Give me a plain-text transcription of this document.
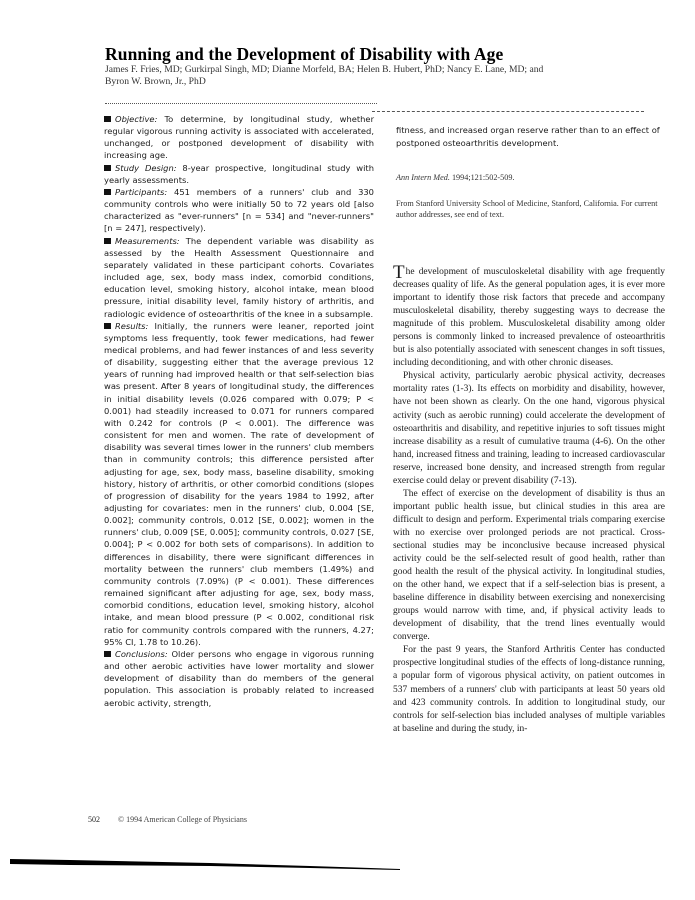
Running and the Development of Disability with Age
James F. Fries, MD; Gurkirpal Singh, MD; Dianne Morfeld, BA; Helen B. Hubert, PhD; Nancy E. Lane, MD; and Byron W. Brown, Jr., PhD

Objective: To determine, by longitudinal study, whether regular vigorous running activity is associated with accelerated, unchanged, or postponed development of disability with increasing age.

Study Design: 8-year prospective, longitudinal study with yearly assessments.

Participants: 451 members of a runners' club and 330 community controls who were initially 50 to 72 years old [also characterized as "ever-runners" [n = 534] and "never-runners" [n = 247], respectively).

Measurements: The dependent variable was disability as assessed by the Health Assessment Questionnaire and separately validated in these participant cohorts. Covariates included age, sex, body mass index, comorbid conditions, education level, smoking history, alcohol intake, mean blood pressure, initial disability level, family history of arthritis, and radiologic evidence of osteoarthritis of the knee in a subsample.

Results: Initially, the runners were leaner, reported joint symptoms less frequently, took fewer medications, had fewer medical problems, and had fewer instances of and less severity of disability, suggesting either that the average previous 12 years of running had improved health or that self-selection bias was present. After 8 years of longitudinal study, the differences in initial disability levels (0.026 compared with 0.079; P < 0.001) had steadily increased to 0.071 for runners compared with 0.242 for controls (P < 0.001). The difference was consistent for men and women. The rate of development of disability was several times lower in the runners' club members than in community controls; this difference persisted after adjusting for age, sex, body mass, baseline disability, smoking history, history of arthritis, or other comorbid conditions (slopes of progression of disability for the years 1984 to 1992, after adjusting for covariates: men in the runners' club, 0.004 [SE, 0.002]; community controls, 0.012 [SE, 0.002]; women in the runners' club, 0.009 [SE, 0.005]; community controls, 0.027 [SE, 0.004]; P < 0.002 for both sets of comparisons). In addition to differences in disability, there were significant differences in mortality between the runners' club members (1.49%) and community controls (7.09%) (P < 0.001). These differences remained significant after adjusting for age, sex, body mass, comorbid conditions, education level, smoking history, alcohol intake, and mean blood pressure (P < 0.002, conditional risk ratio for community controls compared with the runners, 4.27; 95% CI, 1.78 to 10.26).

Conclusions: Older persons who engage in vigorous running and other aerobic activities have lower mortality and slower development of disability than do members of the general population. This association is probably related to increased aerobic activity, strength,

fitness, and increased organ reserve rather than to an effect of postponed osteoarthritis development.
Ann Intern Med. 1994;121:502-509.
From Stanford University School of Medicine, Stanford, California. For current author addresses, see end of text.

The development of musculoskeletal disability with age frequently decreases quality of life. As the general population ages, it is ever more important to identify those risk factors that precede and accompany musculoskeletal disability, thereby suggesting ways to decrease the magnitude of this problem. Musculoskeletal disability among older persons is commonly linked to increased prevalence of osteoarthritis but is also potentially associated with senescent changes in soft tissues, including deconditioning, and with other chronic diseases.

Physical activity, particularly aerobic physical activity, decreases mortality rates (1-3). Its effects on morbidity and disability, however, have not been shown as clearly. On the one hand, vigorous physical activity (such as aerobic running) could accelerate the development of osteoarthritis and disability, and repetitive injuries to soft tissues might increase disability as a result of cumulative trauma (4-6). On the other hand, increased fitness and training, leading to increased cardiovascular reserve, increased bone density, and increased strength from regular exercise could delay or prevent disability (7-13).

The effect of exercise on the development of disability is thus an important public health issue, but clinical studies in this area are difficult to design and perform. Experimental trials comparing exercise with no exercise over prolonged periods are not practical. Cross-sectional studies may be inconclusive because increased physical activity could be the self-selected result of good health, rather than good health the result of the physical activity. In longitudinal studies, on the other hand, we expect that if a self-selection bias is present, a baseline difference in disability between exercising and nonexercising groups would narrow with time, and, if physical activity leads to development of disability, that the trend lines eventually would converge.

For the past 9 years, the Stanford Arthritis Center has conducted prospective longitudinal studies of the effects of long-distance running, a popular form of vigorous physical activity, on patient outcomes in 537 members of a runners' club with participants at least 50 years old and 423 community controls. In addition to longitudinal study, our controls for self-selection bias included analyses of multiple variables at baseline and during the study, in-

502 © 1994 American College of Physicians
